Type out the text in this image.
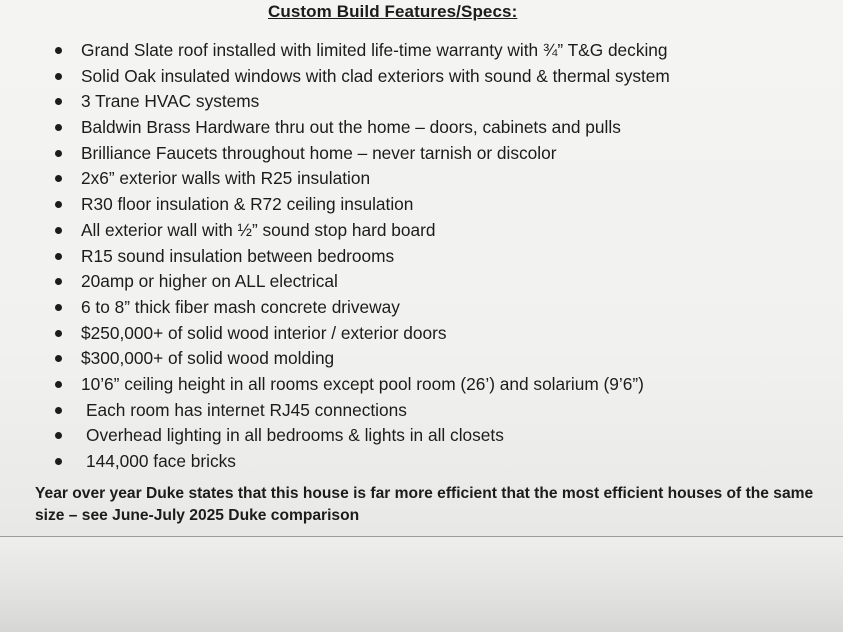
Custom Build Features/Specs:
Grand Slate roof installed with limited life-time warranty with ¾” T&G decking
Solid Oak insulated windows with clad exteriors with sound & thermal system
3 Trane HVAC systems
Baldwin Brass Hardware thru out the home – doors, cabinets and pulls
Brilliance Faucets throughout home – never tarnish or discolor
2x6” exterior walls with R25 insulation
R30 floor insulation & R72 ceiling insulation
All exterior wall with ½” sound stop hard board
R15 sound insulation between bedrooms
20amp or higher on ALL electrical
6 to 8” thick fiber mash concrete driveway
$250,000+ of solid wood interior / exterior doors
$300,000+ of solid wood molding
10’6” ceiling height in all rooms except pool room (26’) and solarium (9’6”)
Each room has internet RJ45 connections
Overhead lighting in all bedrooms & lights in all closets
144,000 face bricks

Year over year Duke states that this house is far more efficient that the most efficient houses of the same size – see June-July 2025 Duke comparison
